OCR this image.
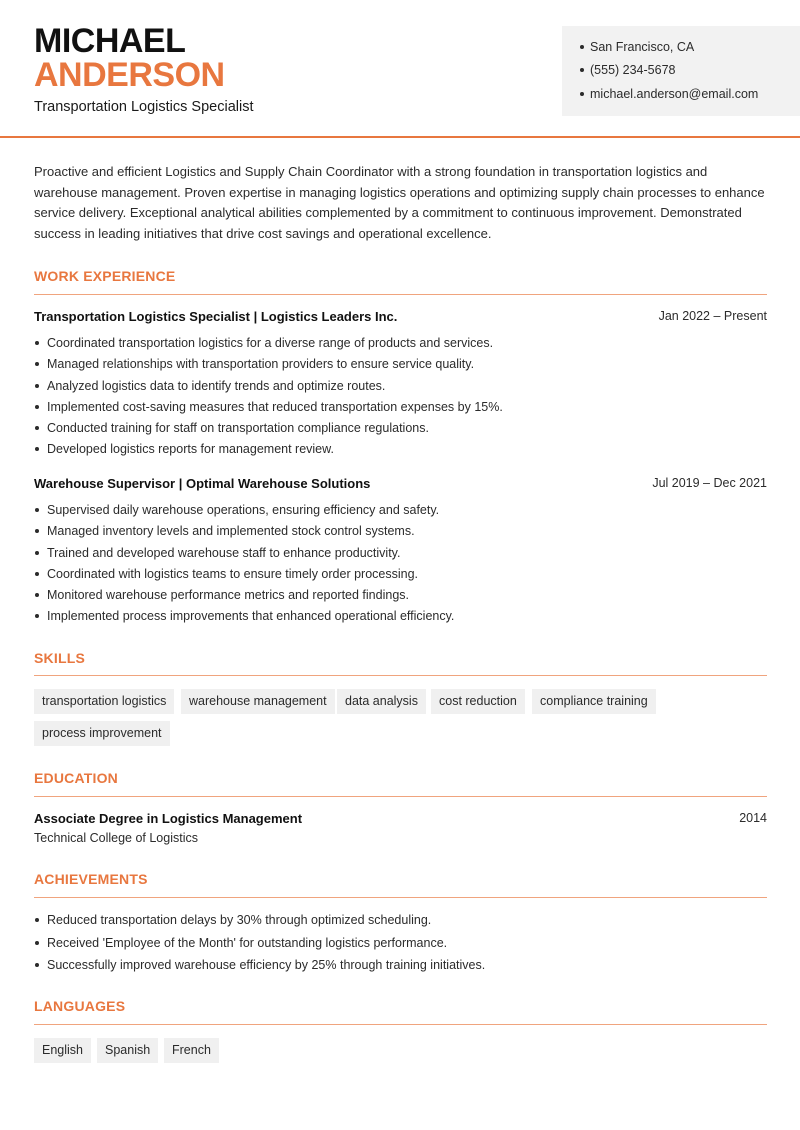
MICHAEL
ANDERSON
Transportation Logistics Specialist
San Francisco, CA
(555) 234-5678
michael.anderson@email.com

Proactive and efficient Logistics and Supply Chain Coordinator with a strong foundation in transportation logistics and warehouse management. Proven expertise in managing logistics operations and optimizing supply chain processes to enhance service delivery. Exceptional analytical abilities complemented by a commitment to continuous improvement. Demonstrated success in leading initiatives that drive cost savings and operational excellence.

WORK EXPERIENCE
Transportation Logistics Specialist | Logistics Leaders Inc.	Jan 2022 – Present
Coordinated transportation logistics for a diverse range of products and services.
Managed relationships with transportation providers to ensure service quality.
Analyzed logistics data to identify trends and optimize routes.
Implemented cost-saving measures that reduced transportation expenses by 15%.
Conducted training for staff on transportation compliance regulations.
Developed logistics reports for management review.
Warehouse Supervisor | Optimal Warehouse Solutions	Jul 2019 – Dec 2021
Supervised daily warehouse operations, ensuring efficiency and safety.
Managed inventory levels and implemented stock control systems.
Trained and developed warehouse staff to enhance productivity.
Coordinated with logistics teams to ensure timely order processing.
Monitored warehouse performance metrics and reported findings.
Implemented process improvements that enhanced operational efficiency.
SKILLS
transportation logistics	warehouse management	data analysis	cost reduction	compliance training
process improvement
EDUCATION
Associate Degree in Logistics Management	2014
Technical College of Logistics
ACHIEVEMENTS
Reduced transportation delays by 30% through optimized scheduling.
Received 'Employee of the Month' for outstanding logistics performance.
Successfully improved warehouse efficiency by 25% through training initiatives.
LANGUAGES
English	Spanish	French
